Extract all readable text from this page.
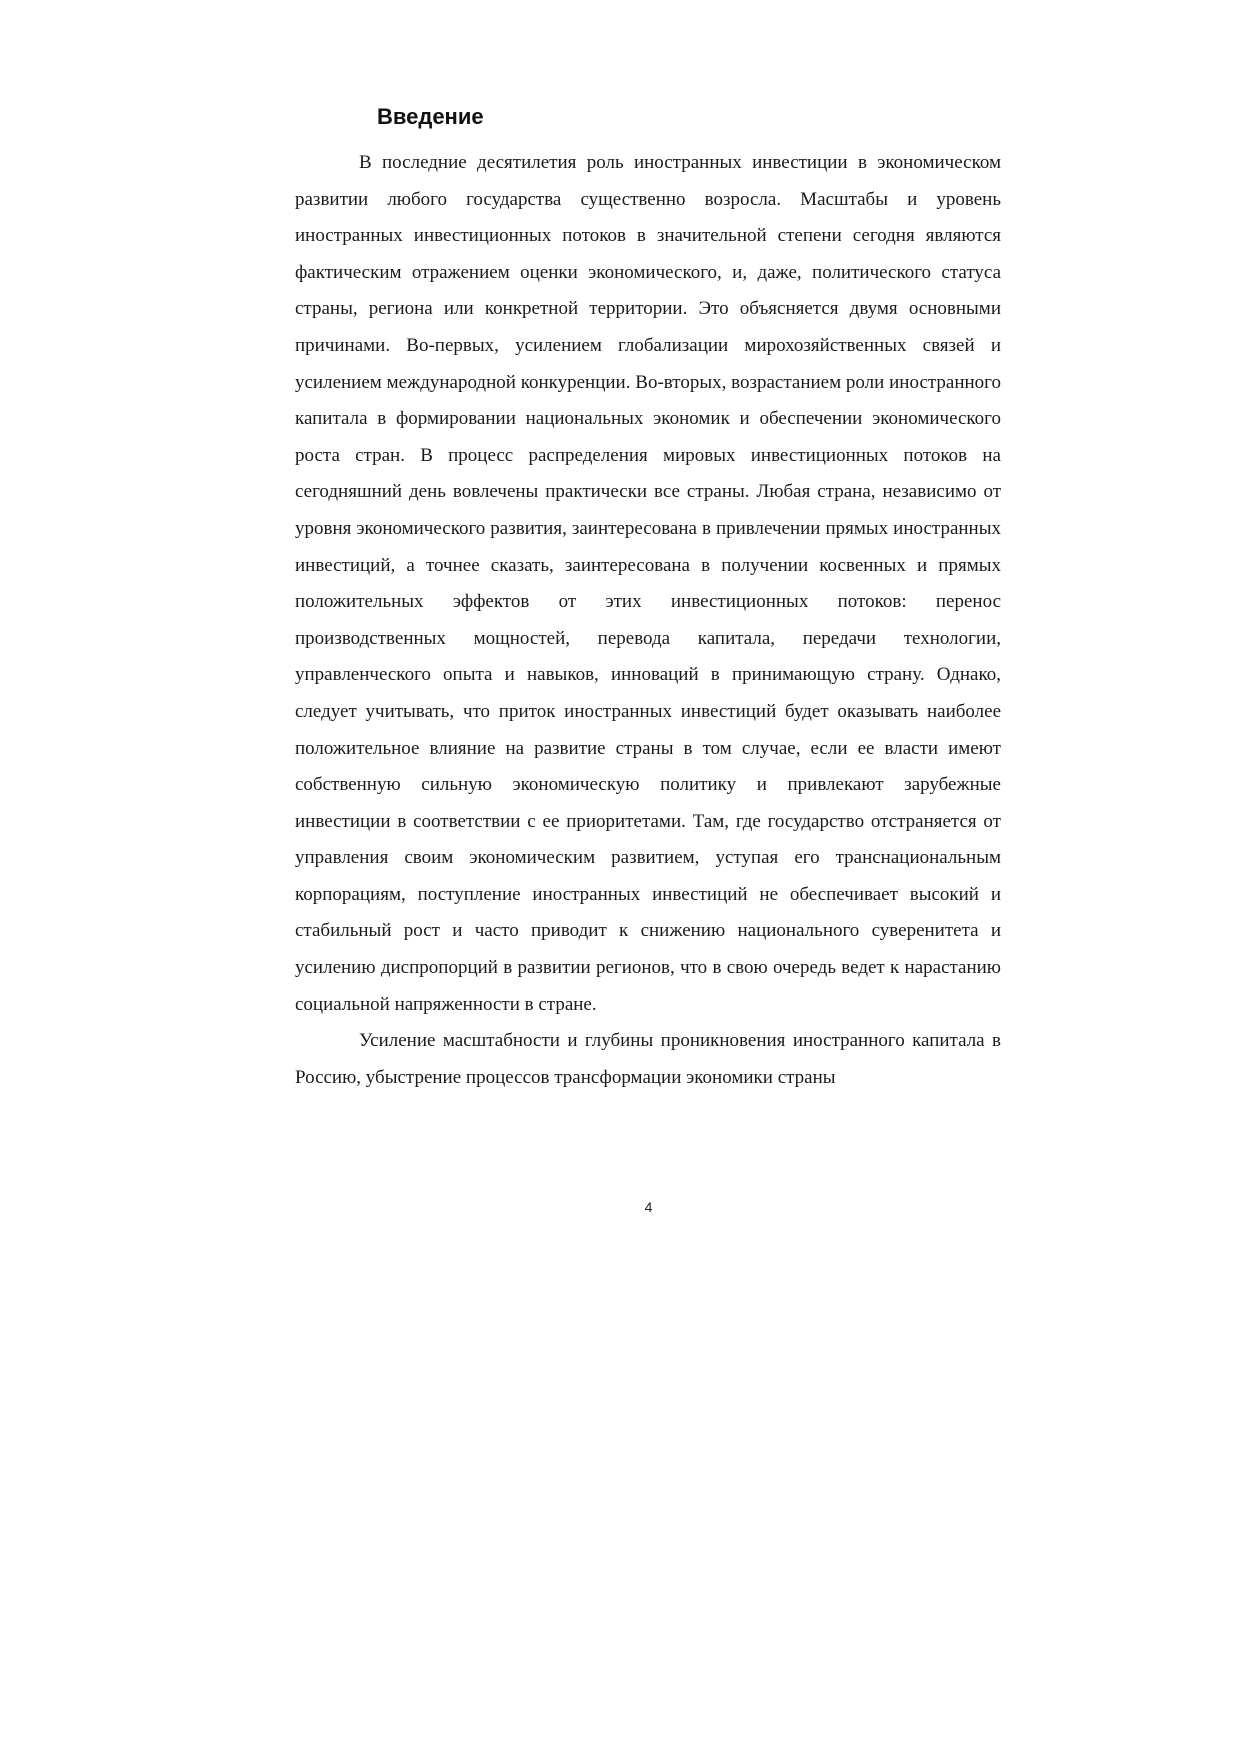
Введение

В последние десятилетия роль иностранных инвестиции в экономическом развитии любого государства существенно возросла. Масштабы и уровень иностранных инвестиционных потоков в значительной степени сегодня являются фактическим отражением оценки экономического, и, даже, политического статуса страны, региона или конкретной территории. Это объясняется двумя основными причинами. Во-первых, усилением глобализации мирохозяйственных связей и усилением международной конкуренции. Во-вторых, возрастанием роли иностранного капитала в формировании национальных экономик и обеспечении экономического роста стран. В процесс распределения мировых инвестиционных потоков на сегодняшний день вовлечены практически все страны. Любая страна, независимо от уровня экономического развития, заинтересована в привлечении прямых иностранных инвестиций, а точнее сказать, заинтересована в получении косвенных и прямых положительных эффектов от этих инвестиционных потоков: перенос производственных мощностей, перевода капитала, передачи технологии, управленческого опыта и навыков, инноваций в принимающую страну. Однако, следует учитывать, что приток иностранных инвестиций будет оказывать наиболее положительное влияние на развитие страны в том случае, если ее власти имеют собственную сильную экономическую политику и привлекают зарубежные инвестиции в соответствии с ее приоритетами. Там, где государство отстраняется от управления своим экономическим развитием, уступая его транснациональным корпорациям, поступление иностранных инвестиций не обеспечивает высокий и стабильный рост и часто приводит к снижению национального суверенитета и усилению диспропорций в развитии регионов, что в свою очередь ведет к нарастанию социальной напряженности в стране.

Усиление масштабности и глубины проникновения иностранного капитала в Россию, убыстрение процессов трансформации экономики страны

4
